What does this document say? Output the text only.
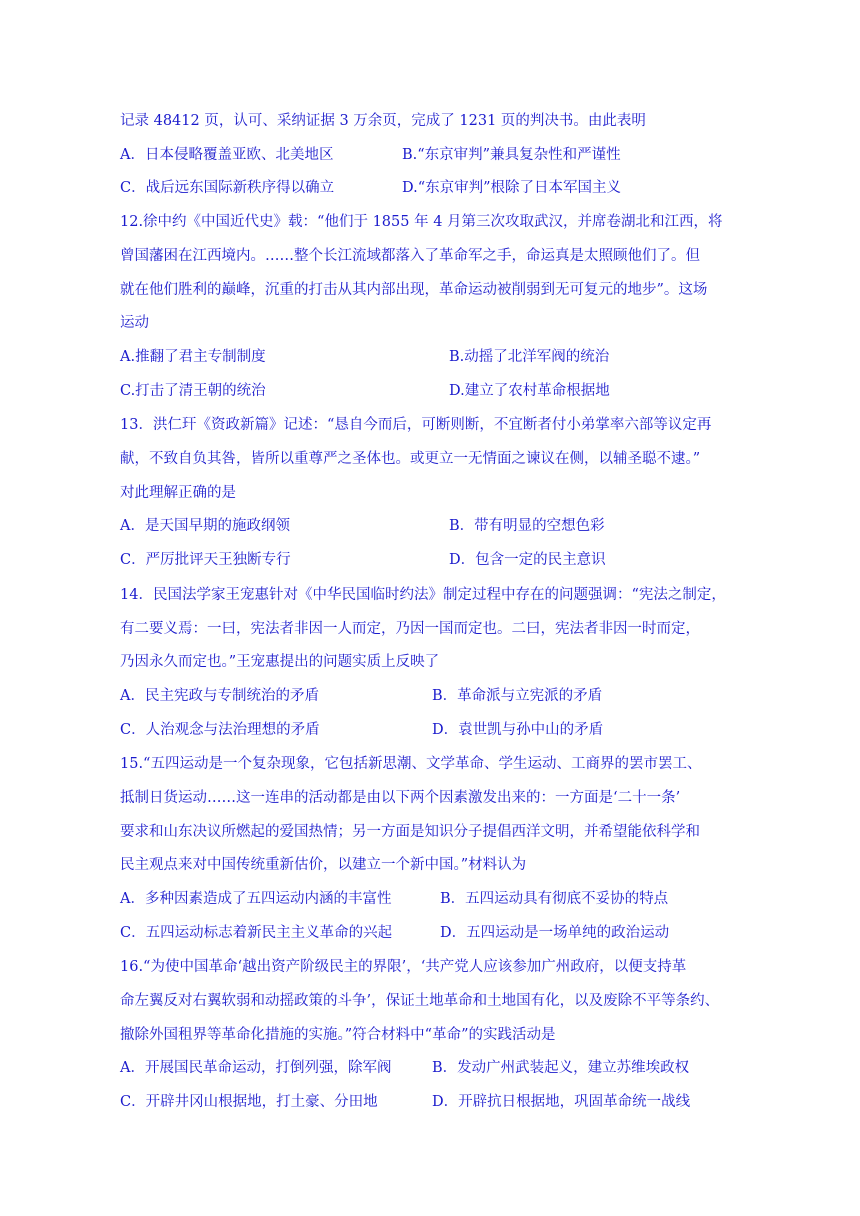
记录 48412 页，认可、采纳证据 3 万余页，完成了 1231 页的判决书。由此表明
A．日本侵略覆盖亚欧、北美地区	B.“东京审判”兼具复杂性和严谨性
C．战后远东国际新秩序得以确立	D.“东京审判”根除了日本军国主义
12.徐中约《中国近代史》载：“他们于 1855 年 4 月第三次攻取武汉，并席卷湖北和江西，将
曾国藩困在江西境内。……整个长江流域都落入了革命军之手，命运真是太照顾他们了。但
就在他们胜利的巅峰，沉重的打击从其内部出现，革命运动被削弱到无可复元的地步”。这场
运动
A.推翻了君主专制制度	B.动摇了北洋军阀的统治
C.打击了清王朝的统治	D.建立了农村革命根据地
13．洪仁玕《资政新篇》记述：“恳自今而后，可断则断，不宜断者付小弟掌率六部等议定再
献，不致自负其咎，皆所以重尊严之圣体也。或更立一无情面之谏议在侧，以辅圣聪不逮。”
对此理解正确的是
A．是天国早期的施政纲领	B．带有明显的空想色彩
C．严厉批评天王独断专行	D．包含一定的民主意识
14．民国法学家王宠惠针对《中华民国临时约法》制定过程中存在的问题强调：“宪法之制定，
有二要义焉：一曰，宪法者非因一人而定，乃因一国而定也。二曰，宪法者非因一时而定，
乃因永久而定也。”王宠惠提出的问题实质上反映了
A．民主宪政与专制统治的矛盾	B．革命派与立宪派的矛盾
C．人治观念与法治理想的矛盾	D．袁世凯与孙中山的矛盾
15.“五四运动是一个复杂现象，它包括新思潮、文学革命、学生运动、工商界的罢市罢工、
抵制日货运动……这一连串的活动都是由以下两个因素激发出来的：一方面是‘二十一条’
要求和山东决议所燃起的爱国热情；另一方面是知识分子提倡西洋文明，并希望能依科学和
民主观点来对中国传统重新估价，以建立一个新中国。”材料认为
A．多种因素造成了五四运动内涵的丰富性	B．五四运动具有彻底不妥协的特点
C．五四运动标志着新民主主义革命的兴起	D．五四运动是一场单纯的政治运动
16.“为使中国革命‘越出资产阶级民主的界限’，‘共产党人应该参加广州政府，以便支持革
命左翼反对右翼软弱和动摇政策的斗争’，保证土地革命和土地国有化，以及废除不平等条约、
撤除外国租界等革命化措施的实施。”符合材料中“革命”的实践活动是
A．开展国民革命运动，打倒列强，除军阀	B．发动广州武装起义，建立苏维埃政权
C．开辟井冈山根据地，打土豪、分田地	D．开辟抗日根据地，巩固革命统一战线
